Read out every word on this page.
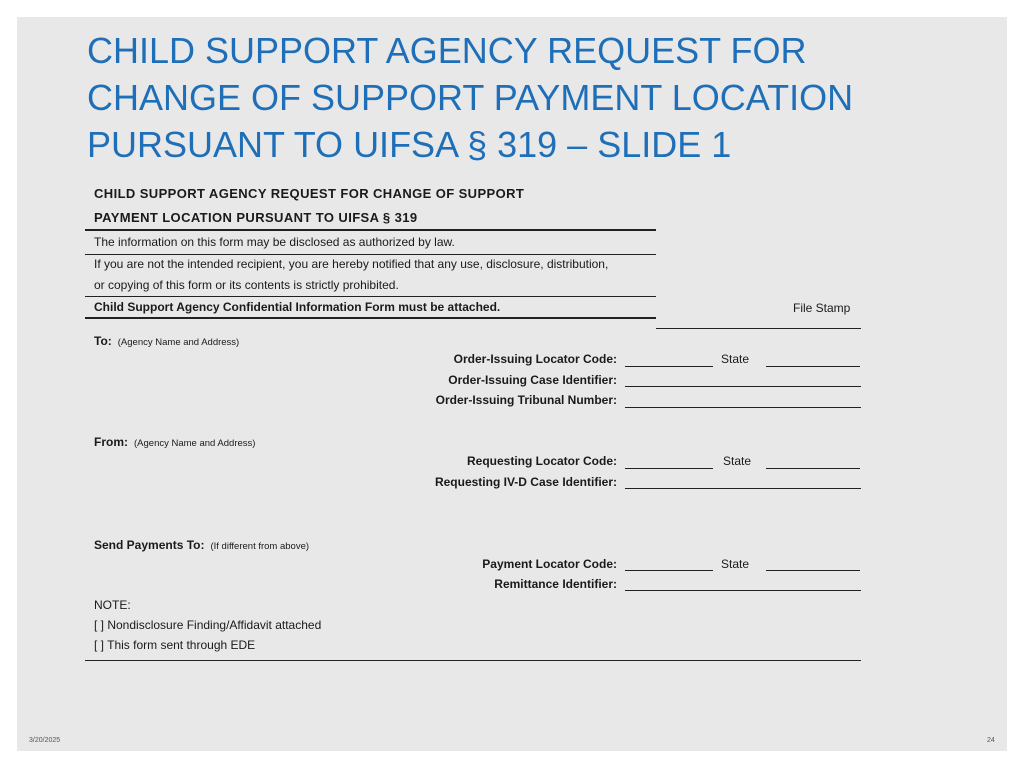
CHILD SUPPORT AGENCY REQUEST FOR
CHANGE OF SUPPORT PAYMENT LOCATION
PURSUANT TO UIFSA § 319 – SLIDE 1
CHILD SUPPORT AGENCY REQUEST FOR CHANGE OF SUPPORT
PAYMENT LOCATION PURSUANT TO UIFSA § 319
The information on this form may be disclosed as authorized by law.
If you are not the intended recipient, you are hereby notified that any use, disclosure, distribution,
or copying of this form or its contents is strictly prohibited.
Child Support Agency Confidential Information Form must be attached.	File Stamp
To: (Agency Name and Address)
Order-Issuing Locator Code:	State
Order-Issuing Case Identifier:
Order-Issuing Tribunal Number:
From: (Agency Name and Address)
Requesting Locator Code:	State
Requesting IV-D Case Identifier:
Send Payments To: (If different from above)
Payment Locator Code:	State
Remittance Identifier:
NOTE:
[ ] Nondisclosure Finding/Affidavit attached
[ ] This form sent through EDE
3/20/2025	24
